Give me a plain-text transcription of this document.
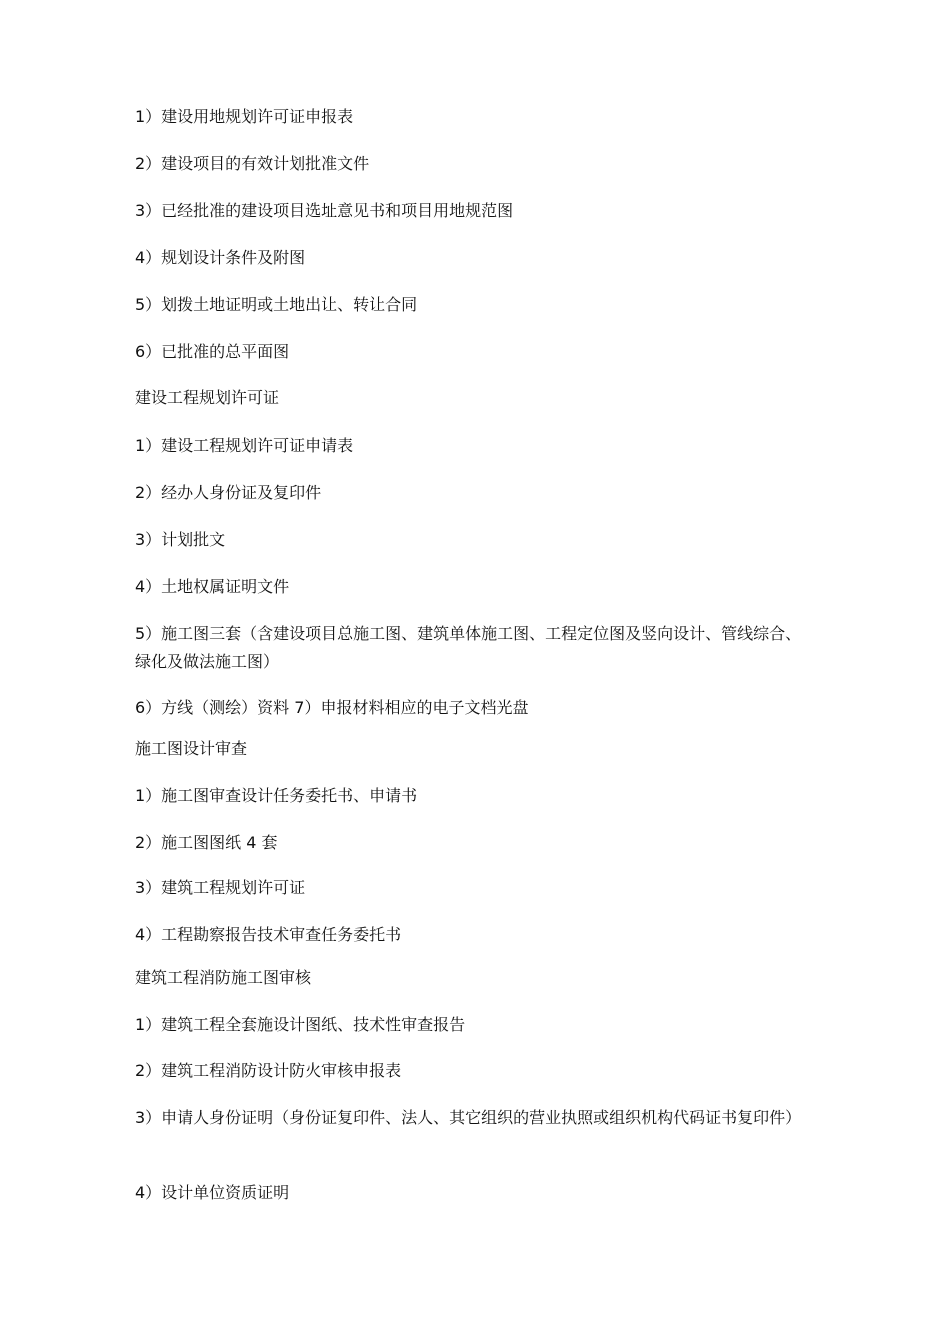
1）建设用地规划许可证申报表
2）建设项目的有效计划批准文件
3）已经批准的建设项目选址意见书和项目用地规范图
4）规划设计条件及附图
5）划拨土地证明或土地出让、转让合同
6）已批准的总平面图
建设工程规划许可证
1）建设工程规划许可证申请表
2）经办人身份证及复印件
3）计划批文
4）土地权属证明文件
5）施工图三套（含建设项目总施工图、建筑单体施工图、工程定位图及竖向设计、管线综合、绿化及做法施工图）
6）方线（测绘）资料 7）申报材料相应的电子文档光盘
施工图设计审查
1）施工图审查设计任务委托书、申请书
2）施工图图纸 4 套
3）建筑工程规划许可证
4）工程勘察报告技术审查任务委托书
建筑工程消防施工图审核
1）建筑工程全套施设计图纸、技术性审查报告
2）建筑工程消防设计防火审核申报表
3）申请人身份证明（身份证复印件、法人、其它组织的营业执照或组织机构代码证书复印件）
4）设计单位资质证明
